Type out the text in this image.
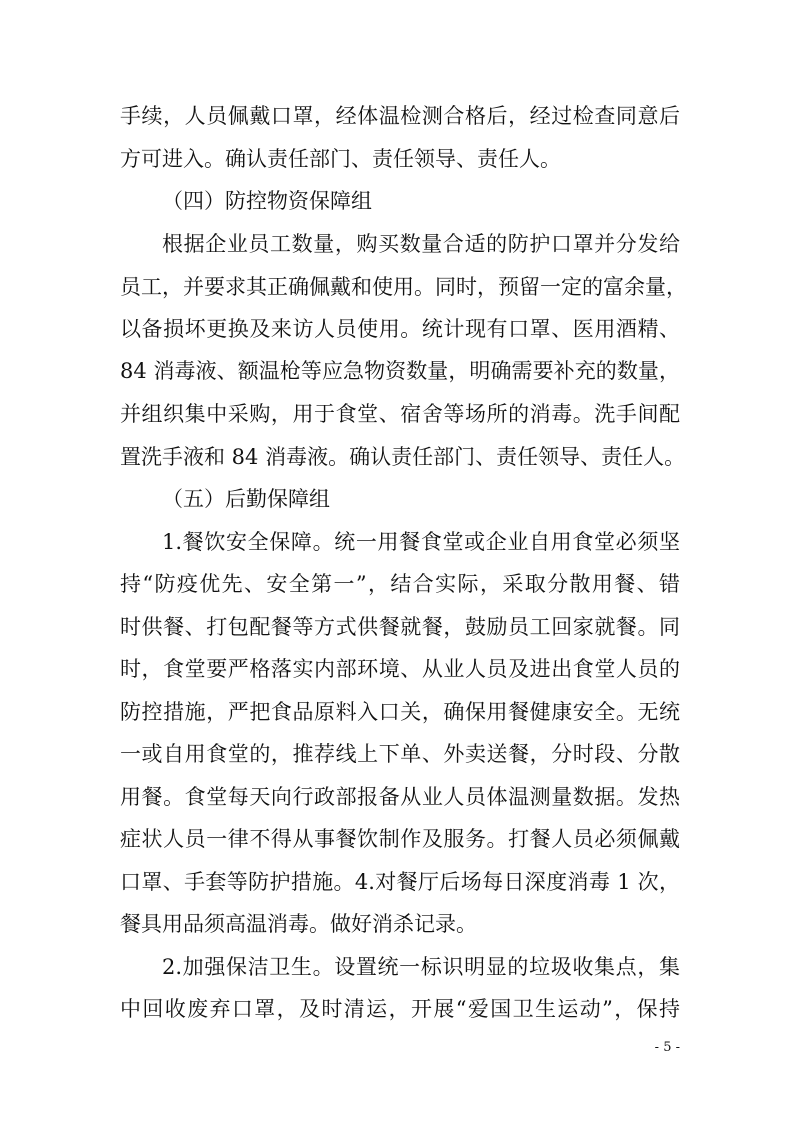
手续，人员佩戴口罩，经体温检测合格后，经过检查同意后
方可进入。确认责任部门、责任领导、责任人。
（四）防控物资保障组
根据企业员工数量，购买数量合适的防护口罩并分发给
员工，并要求其正确佩戴和使用。同时，预留一定的富余量，
以备损坏更换及来访人员使用。统计现有口罩、医用酒精、
84 消毒液、额温枪等应急物资数量，明确需要补充的数量，
并组织集中采购，用于食堂、宿舍等场所的消毒。洗手间配
置洗手液和 84 消毒液。确认责任部门、责任领导、责任人。
（五）后勤保障组
1.餐饮安全保障。统一用餐食堂或企业自用食堂必须坚
持“防疫优先、安全第一”，结合实际，采取分散用餐、错
时供餐、打包配餐等方式供餐就餐，鼓励员工回家就餐。同
时，食堂要严格落实内部环境、从业人员及进出食堂人员的
防控措施，严把食品原料入口关，确保用餐健康安全。无统
一或自用食堂的，推荐线上下单、外卖送餐，分时段、分散
用餐。食堂每天向行政部报备从业人员体温测量数据。发热
症状人员一律不得从事餐饮制作及服务。打餐人员必须佩戴
口罩、手套等防护措施。4.对餐厅后场每日深度消毒 1 次，
餐具用品须高温消毒。做好消杀记录。
2.加强保洁卫生。设置统一标识明显的垃圾收集点，集
中回收废弃口罩，及时清运，开展“爱国卫生运动”，保持
- 5 -
